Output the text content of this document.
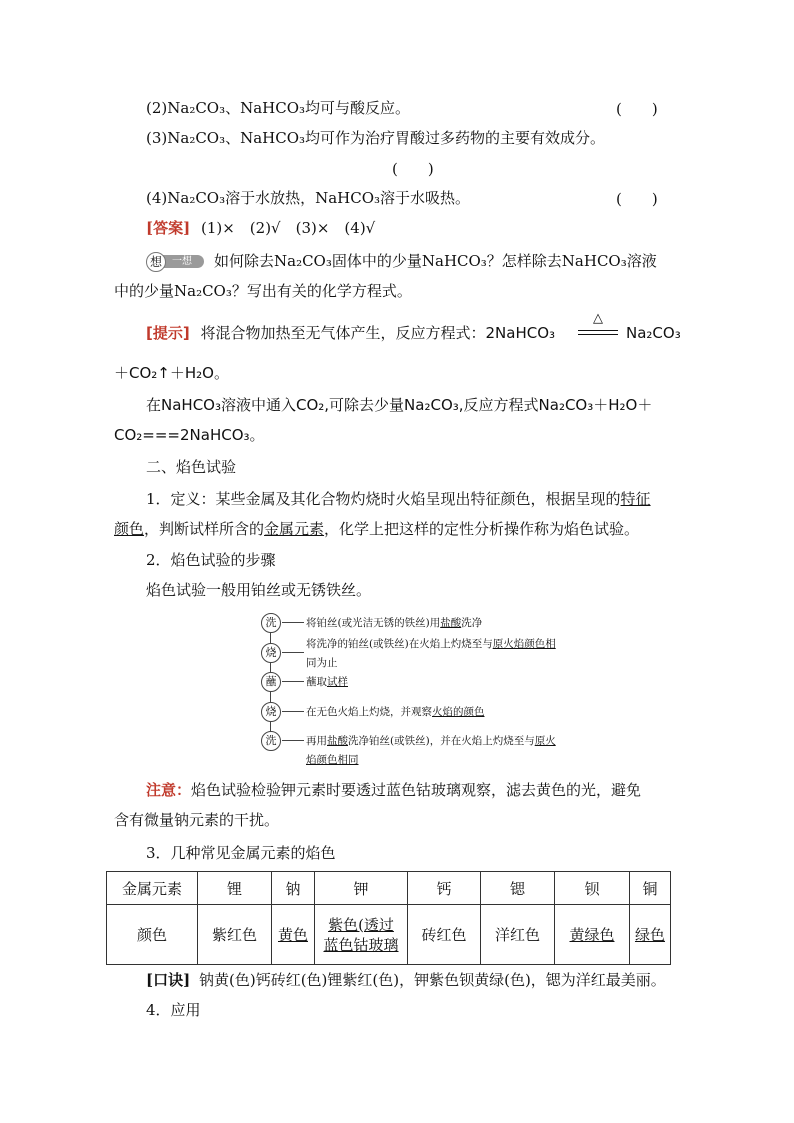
(2)Na₂CO₃、NaHCO₃均可与酸反应。	(　　)
(3)Na₂CO₃、NaHCO₃均可作为治疗胃酸过多药物的主要有效成分。
(　　)
(4)Na₂CO₃溶于水放热，NaHCO₃溶于水吸热。	(　　)
[答案] (1)×　(2)√　(3)×　(4)√
一想
想	如何除去Na₂CO₃固体中的少量NaHCO₃？怎样除去NaHCO₃溶液
中的少量Na₂CO₃？写出有关的化学方程式。
[提示] 将混合物加热至无气体产生，反应方程式：2NaHCO₃
△
Na₂CO₃
＋CO₂↑＋H₂O。
在NaHCO₃溶液中通入CO₂,可除去少量Na₂CO₃,反应方程式Na₂CO₃＋H₂O＋
CO₂===2NaHCO₃。
二、焰色试验
1．定义：某些金属及其化合物灼烧时火焰呈现出特征颜色，根据呈现的特征
颜色，判断试样所含的金属元素，化学上把这样的定性分析操作称为焰色试验。
2．焰色试验的步骤
焰色试验一般用铂丝或无锈铁丝。
洗	将铂丝(或光洁无锈的铁丝)用盐酸洗净
烧
将洗净的铂丝(或铁丝)在火焰上灼烧至与原火焰颜色相
同为止
蘸	蘸取试样
烧	在无色火焰上灼烧，并观察火焰的颜色
洗	再用盐酸洗净铂丝(或铁丝)，并在火焰上灼烧至与原火
焰颜色相同
注意：焰色试验检验钾元素时要透过蓝色钴玻璃观察，滤去黄色的光，避免
含有微量钠元素的干扰。
3．几种常见金属元素的焰色
金属元素	锂	钠	钾	钙	锶	钡	铜
颜色	紫红色	黄色	紫色(透过蓝色钴玻璃	砖红色	洋红色	黄绿色	绿色
[口诀] 钠黄(色)钙砖红(色)锂紫红(色)，钾紫色钡黄绿(色)，锶为洋红最美丽。
4．应用
